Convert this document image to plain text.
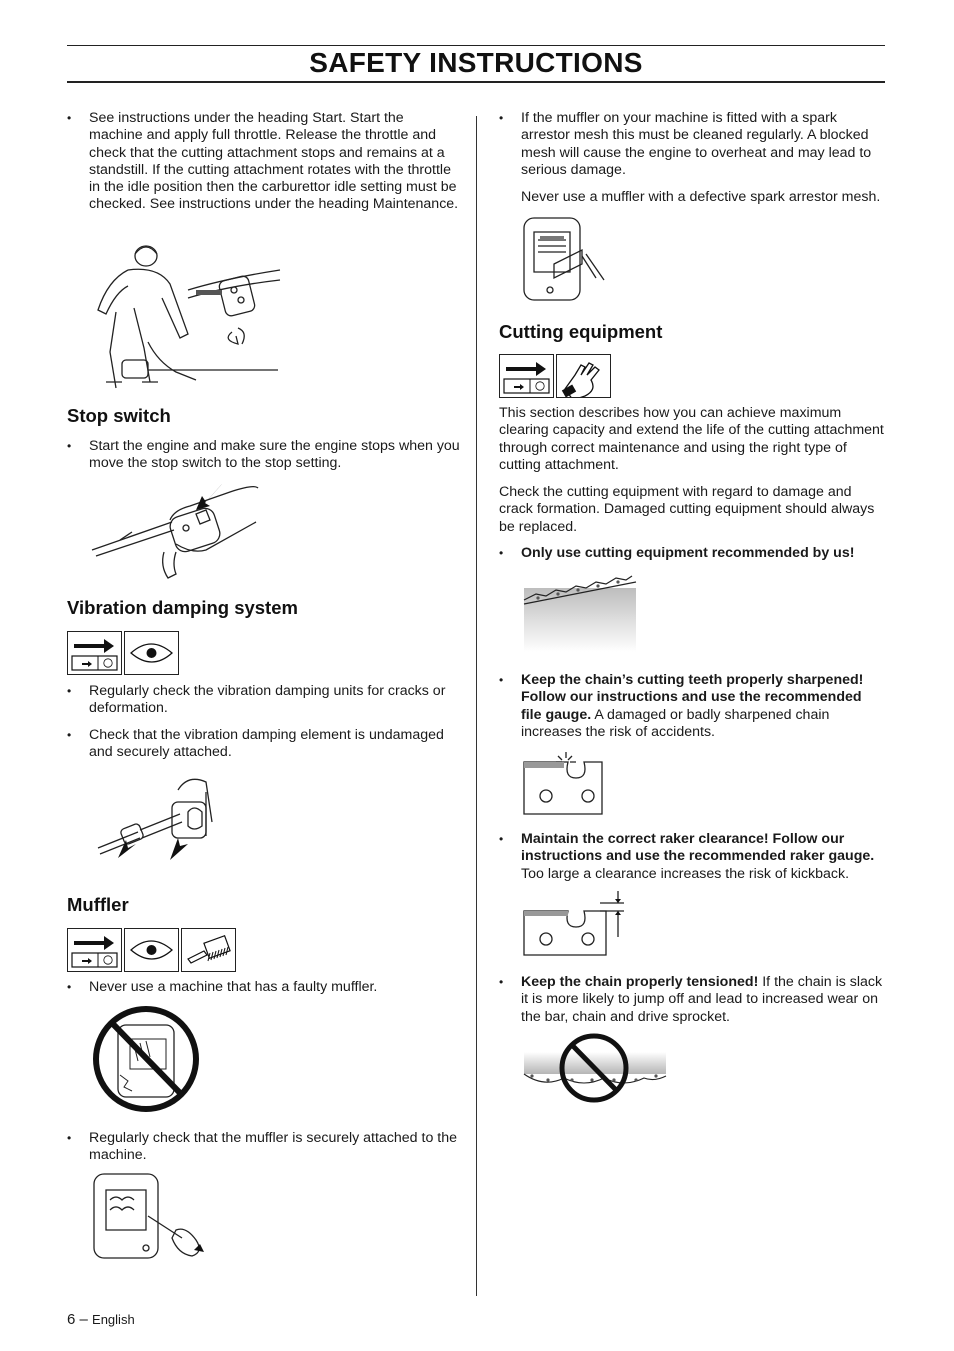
SAFETY INSTRUCTIONS
•	See instructions under the heading Start. Start the machine and apply full throttle. Release the throttle and check that the cutting attachment stops and remains at a standstill. If the cutting attachment rotates with the throttle in the idle position then the carburettor idle setting must be checked. See instructions under the heading Maintenance.
Stop switch
•	Start the engine and make sure the engine stops when you move the stop switch to the stop setting.
Vibration damping system
•	Regularly check the vibration damping units for cracks or deformation.
•	Check that the vibration damping element is undamaged and securely attached.
Muffler
•	Never use a machine that has a faulty muffler.
•	Regularly check that the muffler is securely attached to the machine.
•	If the muffler on your machine is fitted with a spark arrestor mesh this must be cleaned regularly. A blocked mesh will cause the engine to overheat and may lead to serious damage.
Never use a muffler with a defective spark arrestor mesh.
Cutting equipment
This section describes how you can achieve maximum clearing capacity and extend the life of the cutting attachment through correct maintenance and using the right type of cutting attachment.
Check the cutting equipment with regard to damage and crack formation. Damaged cutting equipment should always be replaced.
•	Only use cutting equipment recommended by us!
•	Keep the chain’s cutting teeth properly sharpened! Follow our instructions and use the recommended file gauge. A damaged or badly sharpened chain increases the risk of accidents.
•	Maintain the correct raker clearance! Follow our instructions and use the recommended raker gauge. Too large a clearance increases the risk of kickback.
•	Keep the chain properly tensioned! If the chain is slack it is more likely to jump off and lead to increased wear on the bar, chain and drive sprocket.
6 – English
